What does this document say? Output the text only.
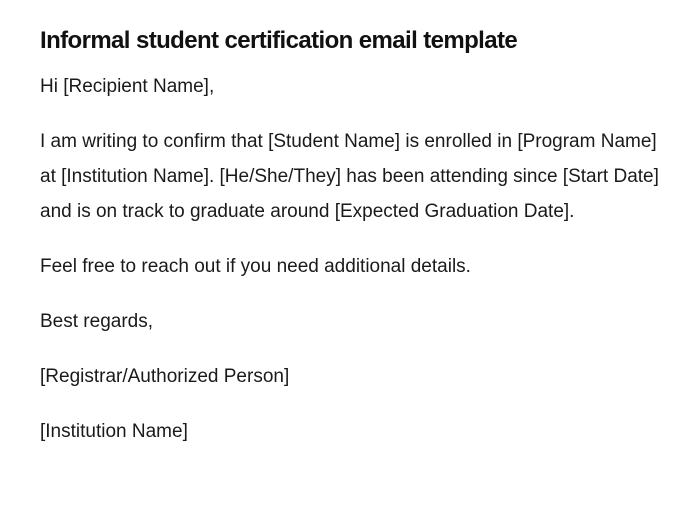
Informal student certification email template

Hi [Recipient Name],

I am writing to confirm that [Student Name] is enrolled in [Program Name] at [Institution Name]. [He/She/They] has been attending since [Start Date] and is on track to graduate around [Expected Graduation Date].

Feel free to reach out if you need additional details.

Best regards,

[Registrar/Authorized Person]

[Institution Name]
